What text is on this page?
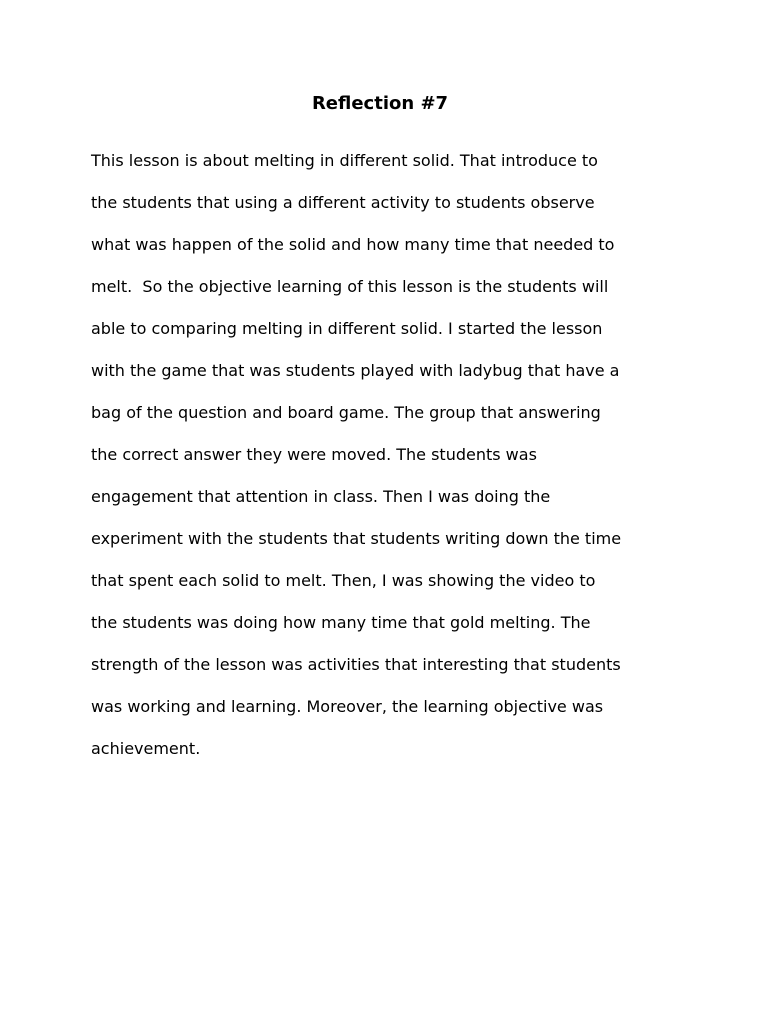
Reflection #7
This lesson is about melting in different solid. That introduce to
the students that using a different activity to students observe
what was happen of the solid and how many time that needed to
melt.  So the objective learning of this lesson is the students will
able to comparing melting in different solid. I started the lesson
with the game that was students played with ladybug that have a
bag of the question and board game. The group that answering
the correct answer they were moved. The students was
engagement that attention in class. Then I was doing the
experiment with the students that students writing down the time
that spent each solid to melt. Then, I was showing the video to
the students was doing how many time that gold melting. The
strength of the lesson was activities that interesting that students
was working and learning. Moreover, the learning objective was
achievement.
